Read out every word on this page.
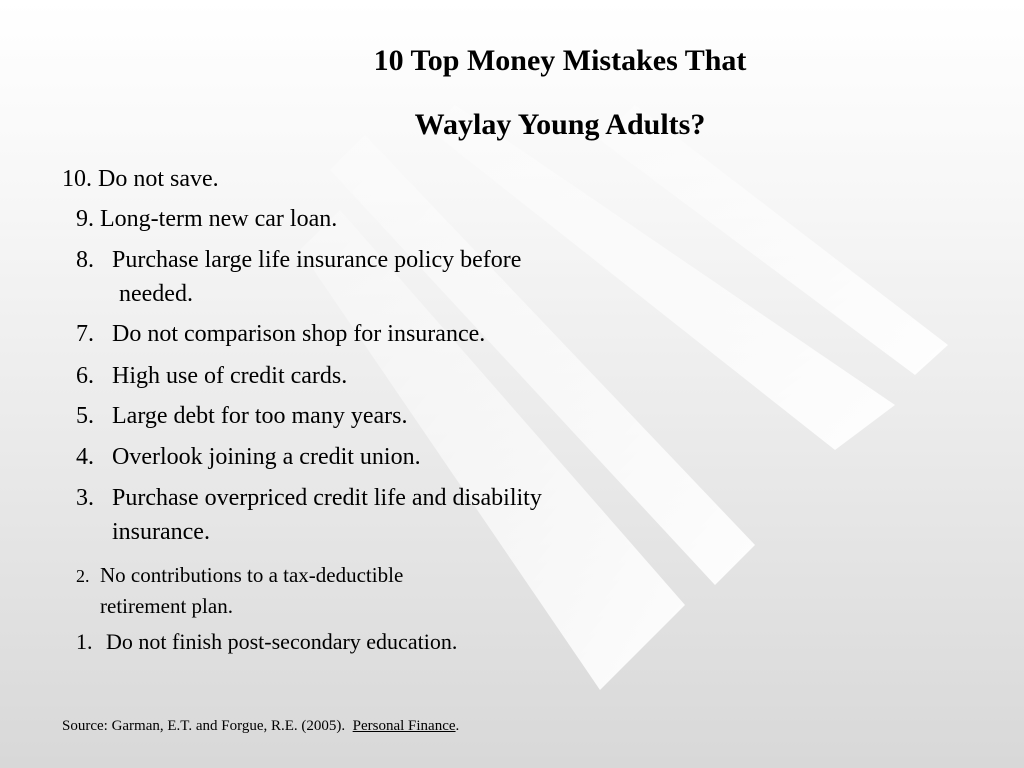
10 Top Money Mistakes That
Waylay Young Adults?
10. Do not save.
9. Long-term new car loan.
8. Purchase large life insurance policy before
needed.
7. Do not comparison shop for insurance.
6. High use of credit cards.
5. Large debt for too many years.
4. Overlook joining a credit union.
3. Purchase overpriced credit life and disability
insurance.
2. No contributions to a tax-deductible
retirement plan.
1. Do not finish post-secondary education.
Source: Garman, E.T. and Forgue, R.E. (2005). Personal Finance.
